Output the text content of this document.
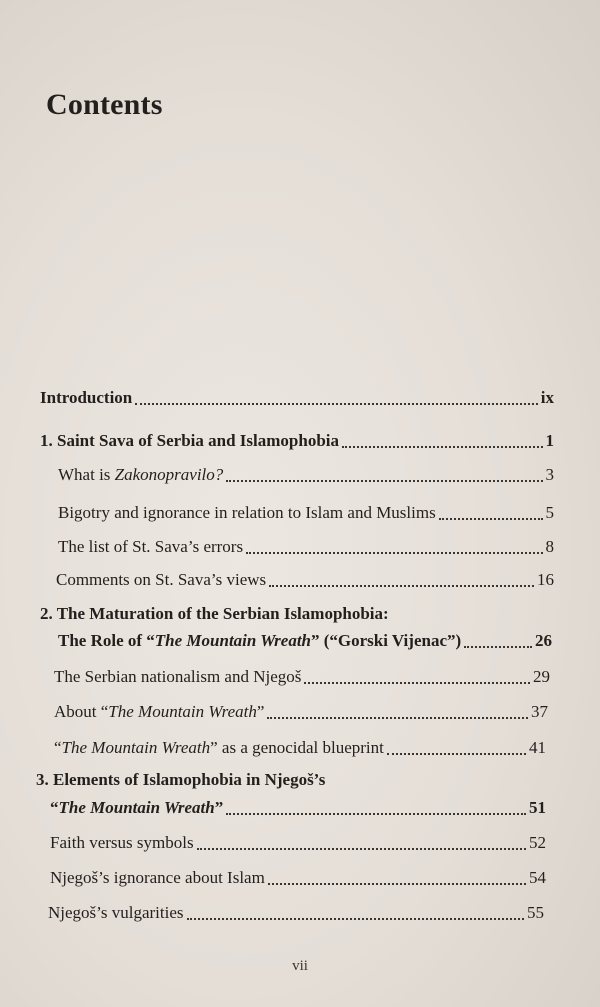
Contents
Introduction	ix
1. Saint Sava of Serbia and Islamophobia	1
What is Zakonopravilo?	3
Bigotry and ignorance in relation to Islam and Muslims	5
The list of St. Sava’s errors	8
Comments on St. Sava’s views	16
2. The Maturation of the Serbian Islamophobia:
The Role of “The Mountain Wreath” (“Gorski Vijenac”)	26
The Serbian nationalism and Njegoš	29
About “The Mountain Wreath”	37
“The Mountain Wreath” as a genocidal blueprint	41
3. Elements of Islamophobia in Njegoš’s
“The Mountain Wreath”	51
Faith versus symbols	52
Njegoš’s ignorance about Islam	54
Njegoš’s vulgarities	55
vii
